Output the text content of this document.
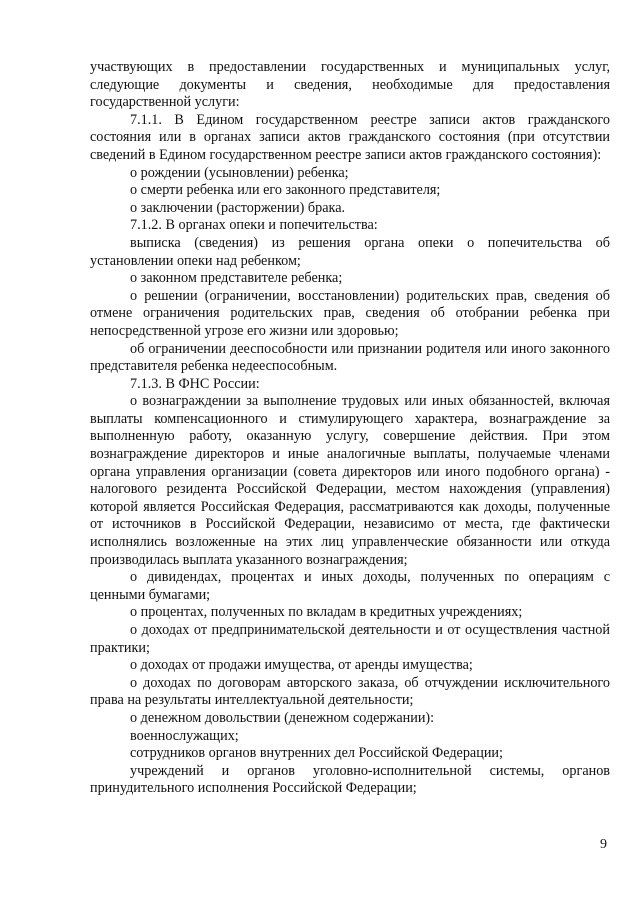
участвующих в предоставлении государственных и муниципальных услуг, следующие документы и сведения, необходимые для предоставления государственной услуги:

7.1.1. В Едином государственном реестре записи актов гражданского состояния или в органах записи актов гражданского состояния (при отсутствии сведений в Едином государственном реестре записи актов гражданского состояния):

о рождении (усыновлении) ребенка;

о смерти ребенка или его законного представителя;

о заключении (расторжении) брака.

7.1.2. В органах опеки и попечительства:

выписка (сведения) из решения органа опеки о попечительства об установлении опеки над ребенком;

о законном представителе ребенка;

о решении (ограничении, восстановлении) родительских прав, сведения об отмене ограничения родительских прав, сведения об отобрании ребенка при непосредственной угрозе его жизни или здоровью;

об ограничении дееспособности или признании родителя или иного законного представителя ребенка недееспособным.

7.1.3. В ФНС России:

о вознаграждении за выполнение трудовых или иных обязанностей, включая выплаты компенсационного и стимулирующего характера, вознаграждение за выполненную работу, оказанную услугу, совершение действия. При этом вознаграждение директоров и иные аналогичные выплаты, получаемые членами органа управления организации (совета директоров или иного подобного органа) - налогового резидента Российской Федерации, местом нахождения (управления) которой является Российская Федерация, рассматриваются как доходы, полученные от источников в Российской Федерации, независимо от места, где фактически исполнялись возложенные на этих лиц управленческие обязанности или откуда производилась выплата указанного вознаграждения;

о дивидендах, процентах и иных доходы, полученных по операциям с ценными бумагами;

о процентах, полученных по вкладам в кредитных учреждениях;

о доходах от предпринимательской деятельности и от осуществления частной практики;

о доходах от продажи имущества, от аренды имущества;

о доходах по договорам авторского заказа, об отчуждении исключительного права на результаты интеллектуальной деятельности;

о денежном довольствии (денежном содержании):

военнослужащих;

сотрудников органов внутренних дел Российской Федерации;

учреждений и органов уголовно-исполнительной системы, органов принудительного исполнения Российской Федерации;

9
